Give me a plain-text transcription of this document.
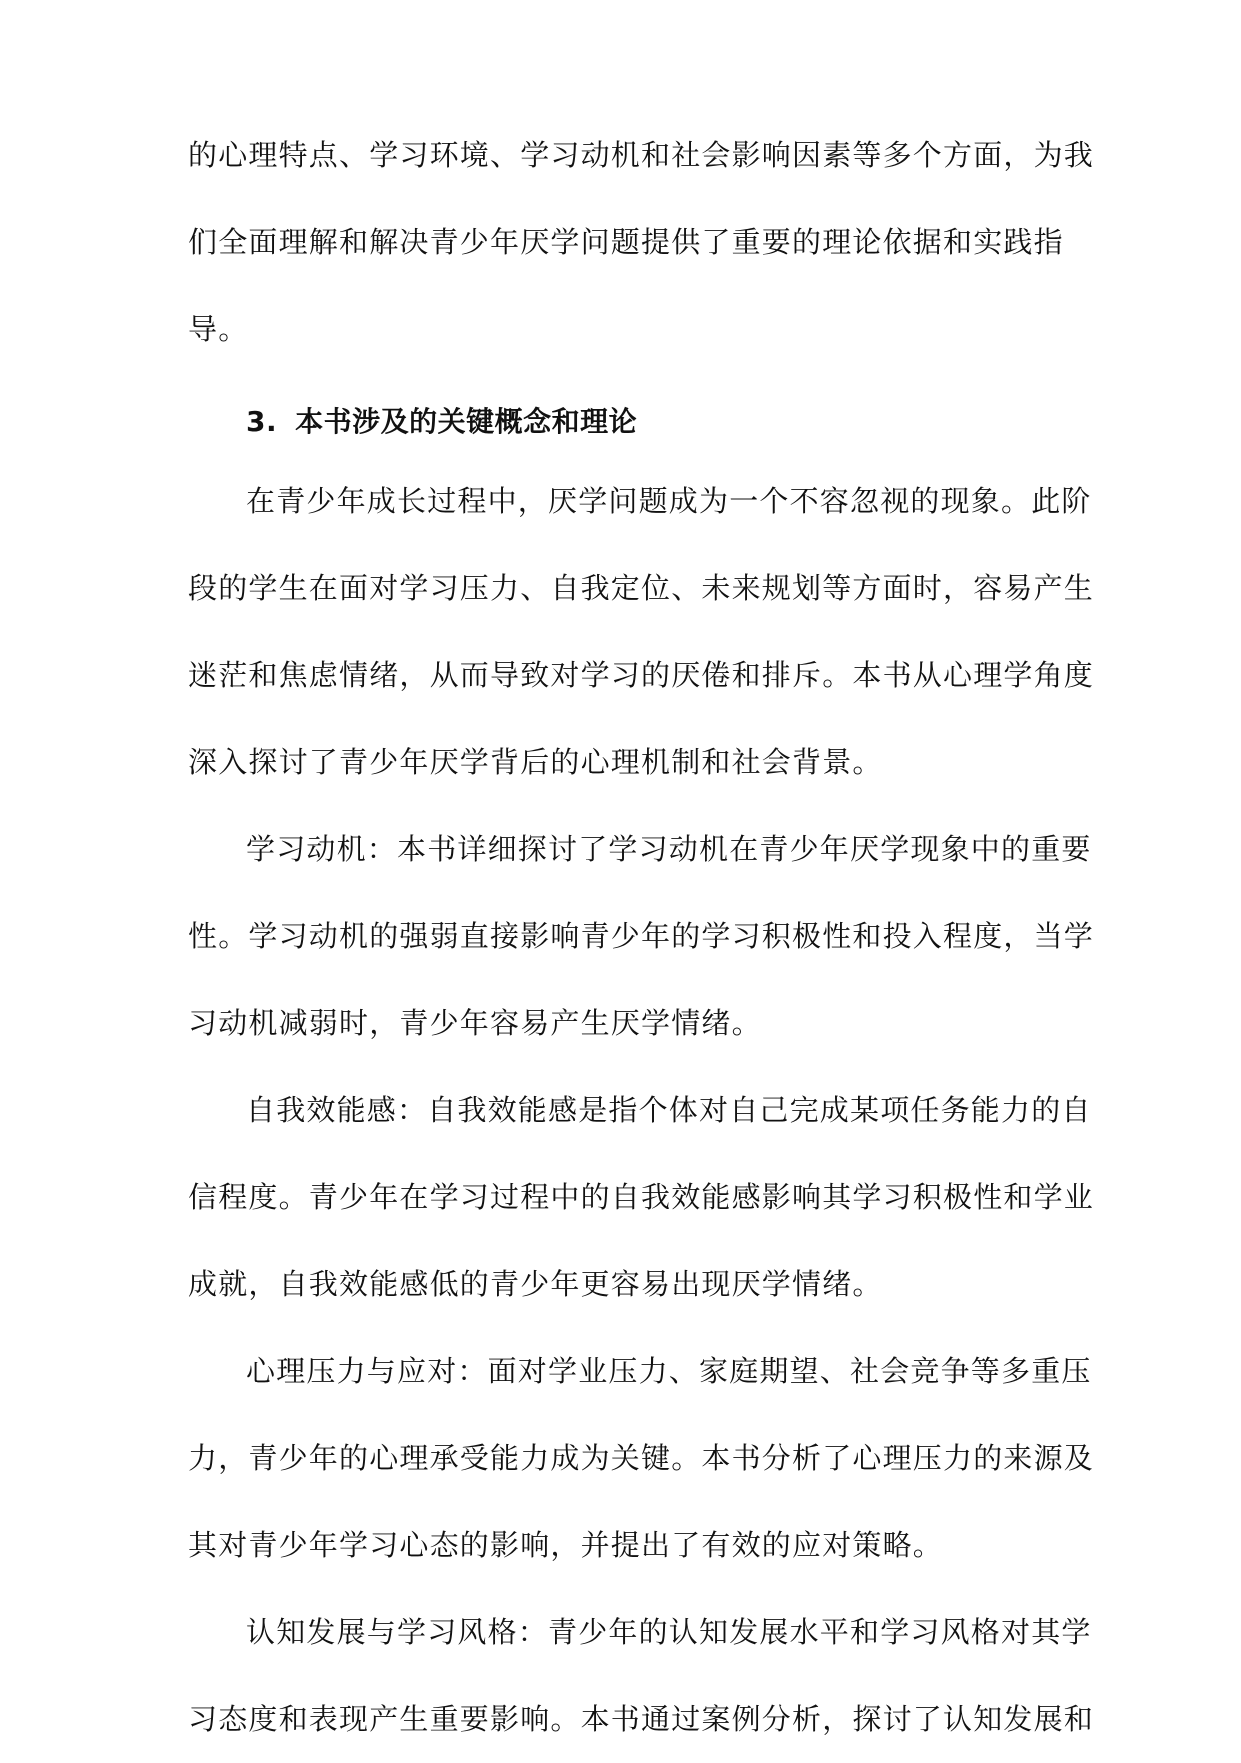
的心理特点、学习环境、学习动机和社会影响因素等多个方面，为我
们全面理解和解决青少年厌学问题提供了重要的理论依据和实践指
导。
3. 本书涉及的关键概念和理论
在青少年成长过程中，厌学问题成为一个不容忽视的现象。此阶
段的学生在面对学习压力、自我定位、未来规划等方面时，容易产生
迷茫和焦虑情绪，从而导致对学习的厌倦和排斥。本书从心理学角度
深入探讨了青少年厌学背后的心理机制和社会背景。
学习动机：本书详细探讨了学习动机在青少年厌学现象中的重要
性。学习动机的强弱直接影响青少年的学习积极性和投入程度，当学
习动机减弱时，青少年容易产生厌学情绪。
自我效能感：自我效能感是指个体对自己完成某项任务能力的自
信程度。青少年在学习过程中的自我效能感影响其学习积极性和学业
成就，自我效能感低的青少年更容易出现厌学情绪。
心理压力与应对：面对学业压力、家庭期望、社会竞争等多重压
力，青少年的心理承受能力成为关键。本书分析了心理压力的来源及
其对青少年学习心态的影响，并提出了有效的应对策略。
认知发展与学习风格：青少年的认知发展水平和学习风格对其学
习态度和表现产生重要影响。本书通过案例分析，探讨了认知发展和
